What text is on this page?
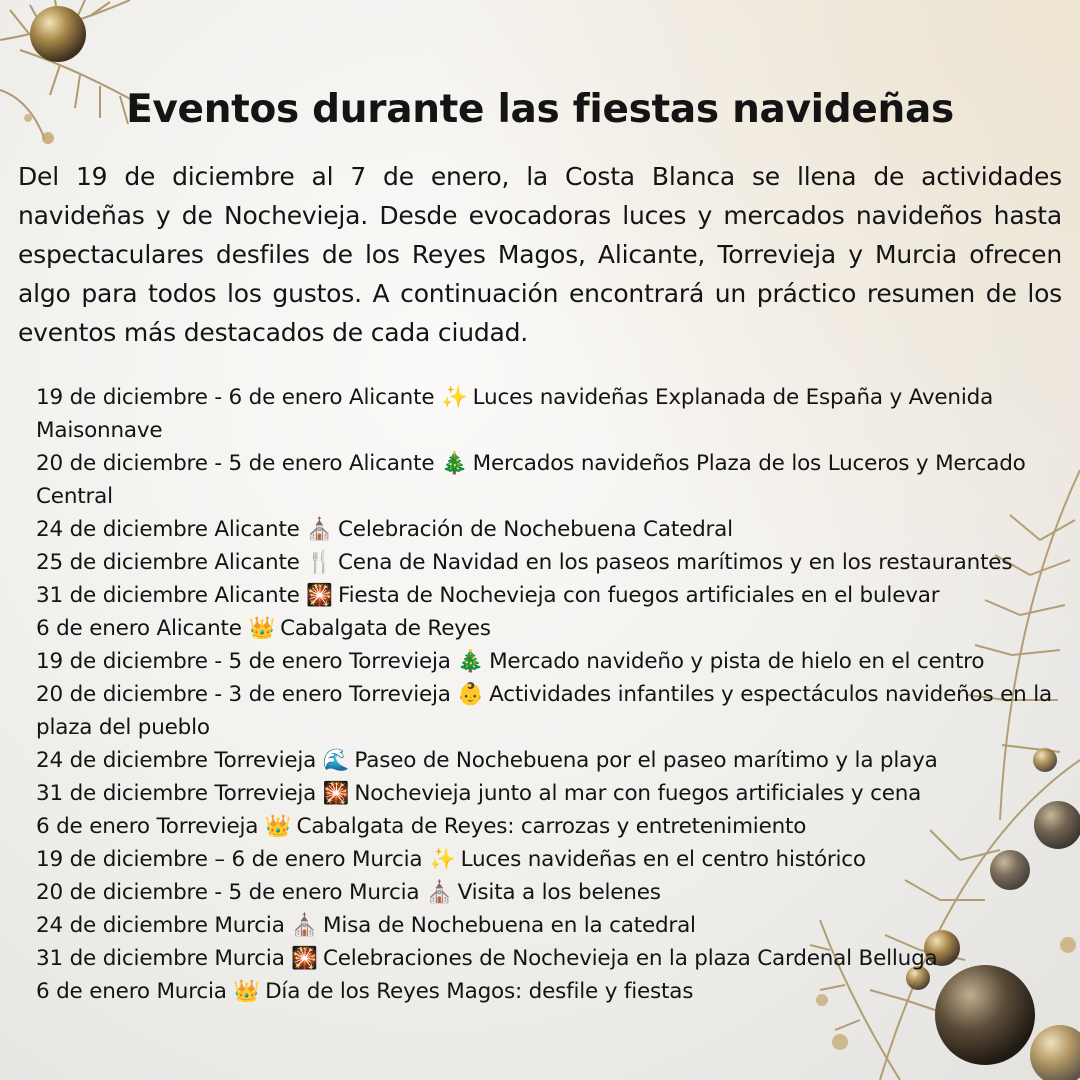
Eventos durante las fiestas navideñas

Del 19 de diciembre al 7 de enero, la Costa Blanca se llena de actividades navideñas y de Nochevieja. Desde evocadoras luces y mercados navideños hasta espectaculares desfiles de los Reyes Magos, Alicante, Torrevieja y Murcia ofrecen algo para todos los gustos. A continuación encontrará un práctico resumen de los eventos más destacados de cada ciudad.

19 de diciembre - 6 de enero Alicante ✨ Luces navideñas Explanada de España y Avenida Maisonnave
20 de diciembre - 5 de enero Alicante 🎄 Mercados navideños Plaza de los Luceros y Mercado Central
24 de diciembre Alicante ⛪ Celebración de Nochebuena Catedral
25 de diciembre Alicante 🍴 Cena de Navidad en los paseos marítimos y en los restaurantes
31 de diciembre Alicante 🎇 Fiesta de Nochevieja con fuegos artificiales en el bulevar
6 de enero Alicante 👑 Cabalgata de Reyes
19 de diciembre - 5 de enero Torrevieja 🎄 Mercado navideño y pista de hielo en el centro
20 de diciembre - 3 de enero Torrevieja 👶 Actividades infantiles y espectáculos navideños en la plaza del pueblo
24 de diciembre Torrevieja 🌊 Paseo de Nochebuena por el paseo marítimo y la playa
31 de diciembre Torrevieja 🎇 Nochevieja junto al mar con fuegos artificiales y cena
6 de enero Torrevieja 👑 Cabalgata de Reyes: carrozas y entretenimiento
19 de diciembre – 6 de enero Murcia ✨ Luces navideñas en el centro histórico
20 de diciembre - 5 de enero Murcia ⛪ Visita a los belenes
24 de diciembre Murcia ⛪ Misa de Nochebuena en la catedral
31 de diciembre Murcia 🎇 Celebraciones de Nochevieja en la plaza Cardenal Belluga
6 de enero Murcia 👑 Día de los Reyes Magos: desfile y fiestas
